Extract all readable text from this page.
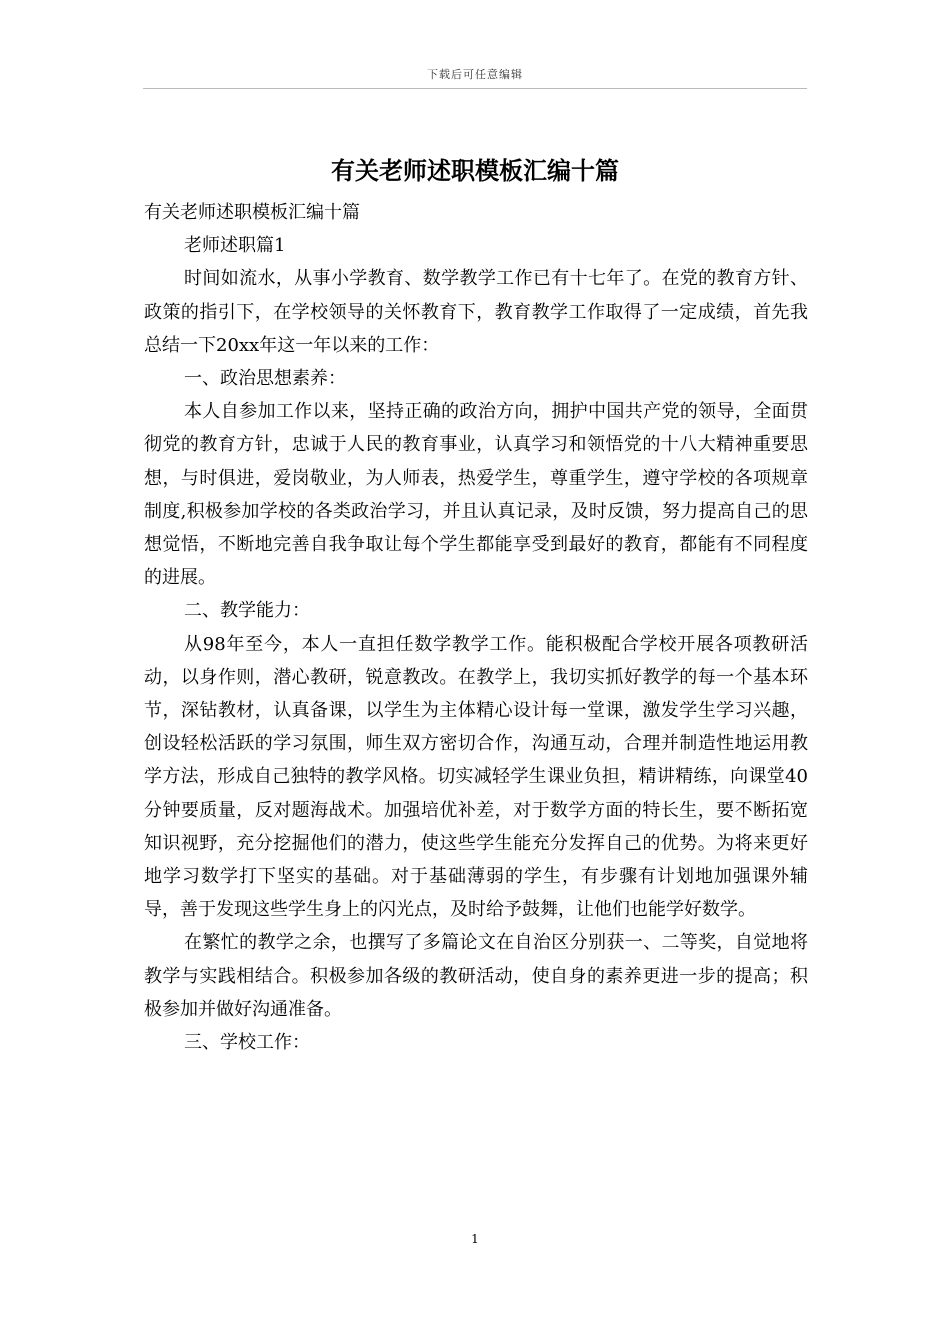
下载后可任意编辑
有关老师述职模板汇编十篇

有关老师述职模板汇编十篇

老师述职篇1

时间如流水，从事小学教育、数学教学工作已有十七年了。在党的教育方针、政策的指引下，在学校领导的关怀教育下，教育教学工作取得了一定成绩，首先我总结一下20xx年这一年以来的工作：

一、政治思想素养：

本人自参加工作以来，坚持正确的政治方向，拥护中国共产党的领导，全面贯彻党的教育方针，忠诚于人民的教育事业，认真学习和领悟党的十八大精神重要思想，与时俱进，爱岗敬业，为人师表，热爱学生，尊重学生，遵守学校的各项规章制度,积极参加学校的各类政治学习，并且认真记录，及时反馈，努力提高自己的思想觉悟，不断地完善自我争取让每个学生都能享受到最好的教育，都能有不同程度的进展。

二、教学能力：

从98年至今，本人一直担任数学教学工作。能积极配合学校开展各项教研活动，以身作则，潜心教研，锐意教改。在教学上，我切实抓好教学的每一个基本环节，深钻教材，认真备课，以学生为主体精心设计每一堂课，激发学生学习兴趣，创设轻松活跃的学习氛围，师生双方密切合作，沟通互动，合理并制造性地运用教学方法，形成自己独特的教学风格。切实减轻学生课业负担，精讲精练，向课堂40分钟要质量，反对题海战术。加强培优补差，对于数学方面的特长生，要不断拓宽知识视野，充分挖掘他们的潜力，使这些学生能充分发挥自己的优势。为将来更好地学习数学打下坚实的基础。对于基础薄弱的学生，有步骤有计划地加强课外辅导，善于发现这些学生身上的闪光点，及时给予鼓舞，让他们也能学好数学。

在繁忙的教学之余，也撰写了多篇论文在自治区分别获一、二等奖，自觉地将教学与实践相结合。积极参加各级的教研活动，使自身的素养更进一步的提高；积极参加并做好沟通准备。

三、学校工作：

1
